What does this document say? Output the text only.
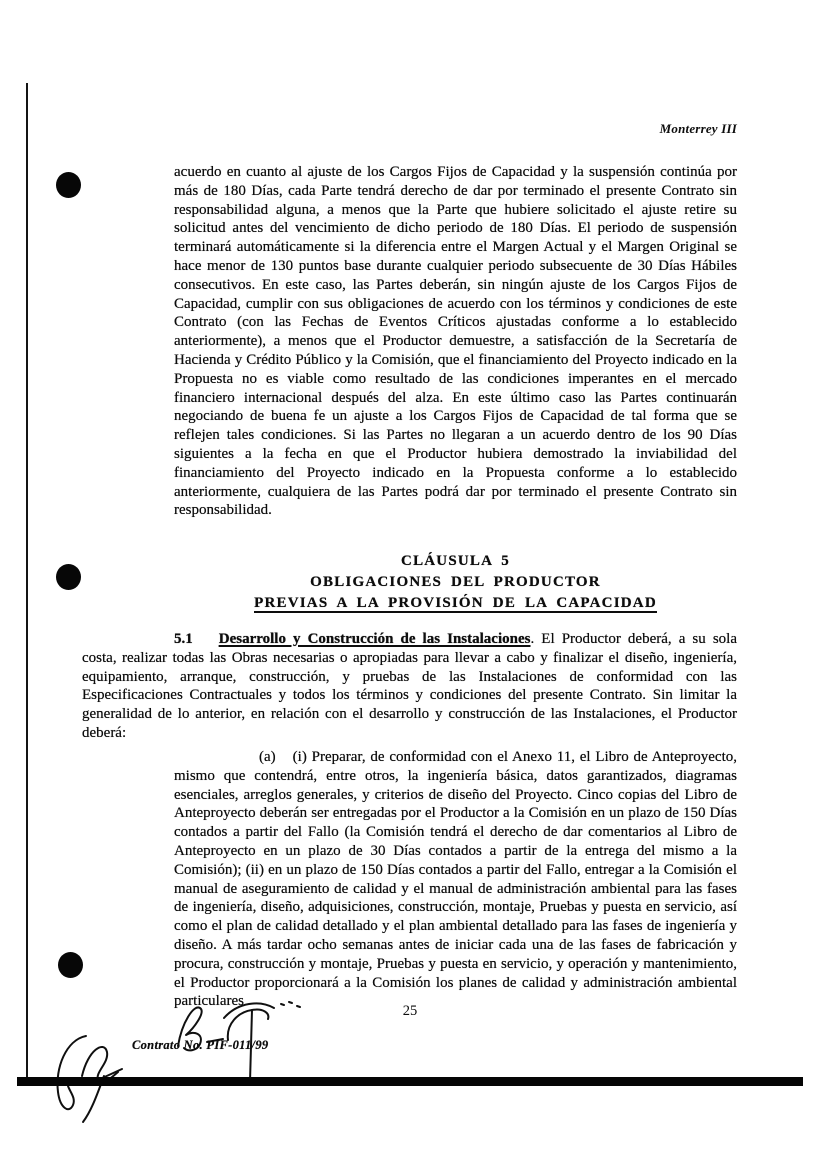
Monterrey III
acuerdo en cuanto al ajuste de los Cargos Fijos de Capacidad y la suspensión continúa por más de 180 Días, cada Parte tendrá derecho de dar por terminado el presente Contrato sin responsabilidad alguna, a menos que la Parte que hubiere solicitado el ajuste retire su solicitud antes del vencimiento de dicho periodo de 180 Días. El periodo de suspensión terminará automáticamente si la diferencia entre el Margen Actual y el Margen Original se hace menor de 130 puntos base durante cualquier periodo subsecuente de 30 Días Hábiles consecutivos. En este caso, las Partes deberán, sin ningún ajuste de los Cargos Fijos de Capacidad, cumplir con sus obligaciones de acuerdo con los términos y condiciones de este Contrato (con las Fechas de Eventos Críticos ajustadas conforme a lo establecido anteriormente), a menos que el Productor demuestre, a satisfacción de la Secretaría de Hacienda y Crédito Público y la Comisión, que el financiamiento del Proyecto indicado en la Propuesta no es viable como resultado de las condiciones imperantes en el mercado financiero internacional después del alza. En este último caso las Partes continuarán negociando de buena fe un ajuste a los Cargos Fijos de Capacidad de tal forma que se reflejen tales condiciones. Si las Partes no llegaran a un acuerdo dentro de los 90 Días siguientes a la fecha en que el Productor hubiera demostrado la inviabilidad del financiamiento del Proyecto indicado en la Propuesta conforme a lo establecido anteriormente, cualquiera de las Partes podrá dar por terminado el presente Contrato sin responsabilidad.
CLÁUSULA 5
OBLIGACIONES DEL PRODUCTOR
PREVIAS A LA PROVISIÓN DE LA CAPACIDAD
5.1 Desarrollo y Construcción de las Instalaciones. El Productor deberá, a su sola costa, realizar todas las Obras necesarias o apropiadas para llevar a cabo y finalizar el diseño, ingeniería, equipamiento, arranque, construcción, y pruebas de las Instalaciones de conformidad con las Especificaciones Contractuales y todos los términos y condiciones del presente Contrato. Sin limitar la generalidad de lo anterior, en relación con el desarrollo y construcción de las Instalaciones, el Productor deberá:
(a) (i) Preparar, de conformidad con el Anexo 11, el Libro de Anteproyecto, mismo que contendrá, entre otros, la ingeniería básica, datos garantizados, diagramas esenciales, arreglos generales, y criterios de diseño del Proyecto. Cinco copias del Libro de Anteproyecto deberán ser entregadas por el Productor a la Comisión en un plazo de 150 Días contados a partir del Fallo (la Comisión tendrá el derecho de dar comentarios al Libro de Anteproyecto en un plazo de 30 Días contados a partir de la entrega del mismo a la Comisión); (ii) en un plazo de 150 Días contados a partir del Fallo, entregar a la Comisión el manual de aseguramiento de calidad y el manual de administración ambiental para las fases de ingeniería, diseño, adquisiciones, construcción, montaje, Pruebas y puesta en servicio, así como el plan de calidad detallado y el plan ambiental detallado para las fases de ingeniería y diseño. A más tardar ocho semanas antes de iniciar cada una de las fases de fabricación y procura, construcción y montaje, Pruebas y puesta en servicio, y operación y mantenimiento, el Productor proporcionará a la Comisión los planes de calidad y administración ambiental particulares
25
Contrato No. PIF-011/99
